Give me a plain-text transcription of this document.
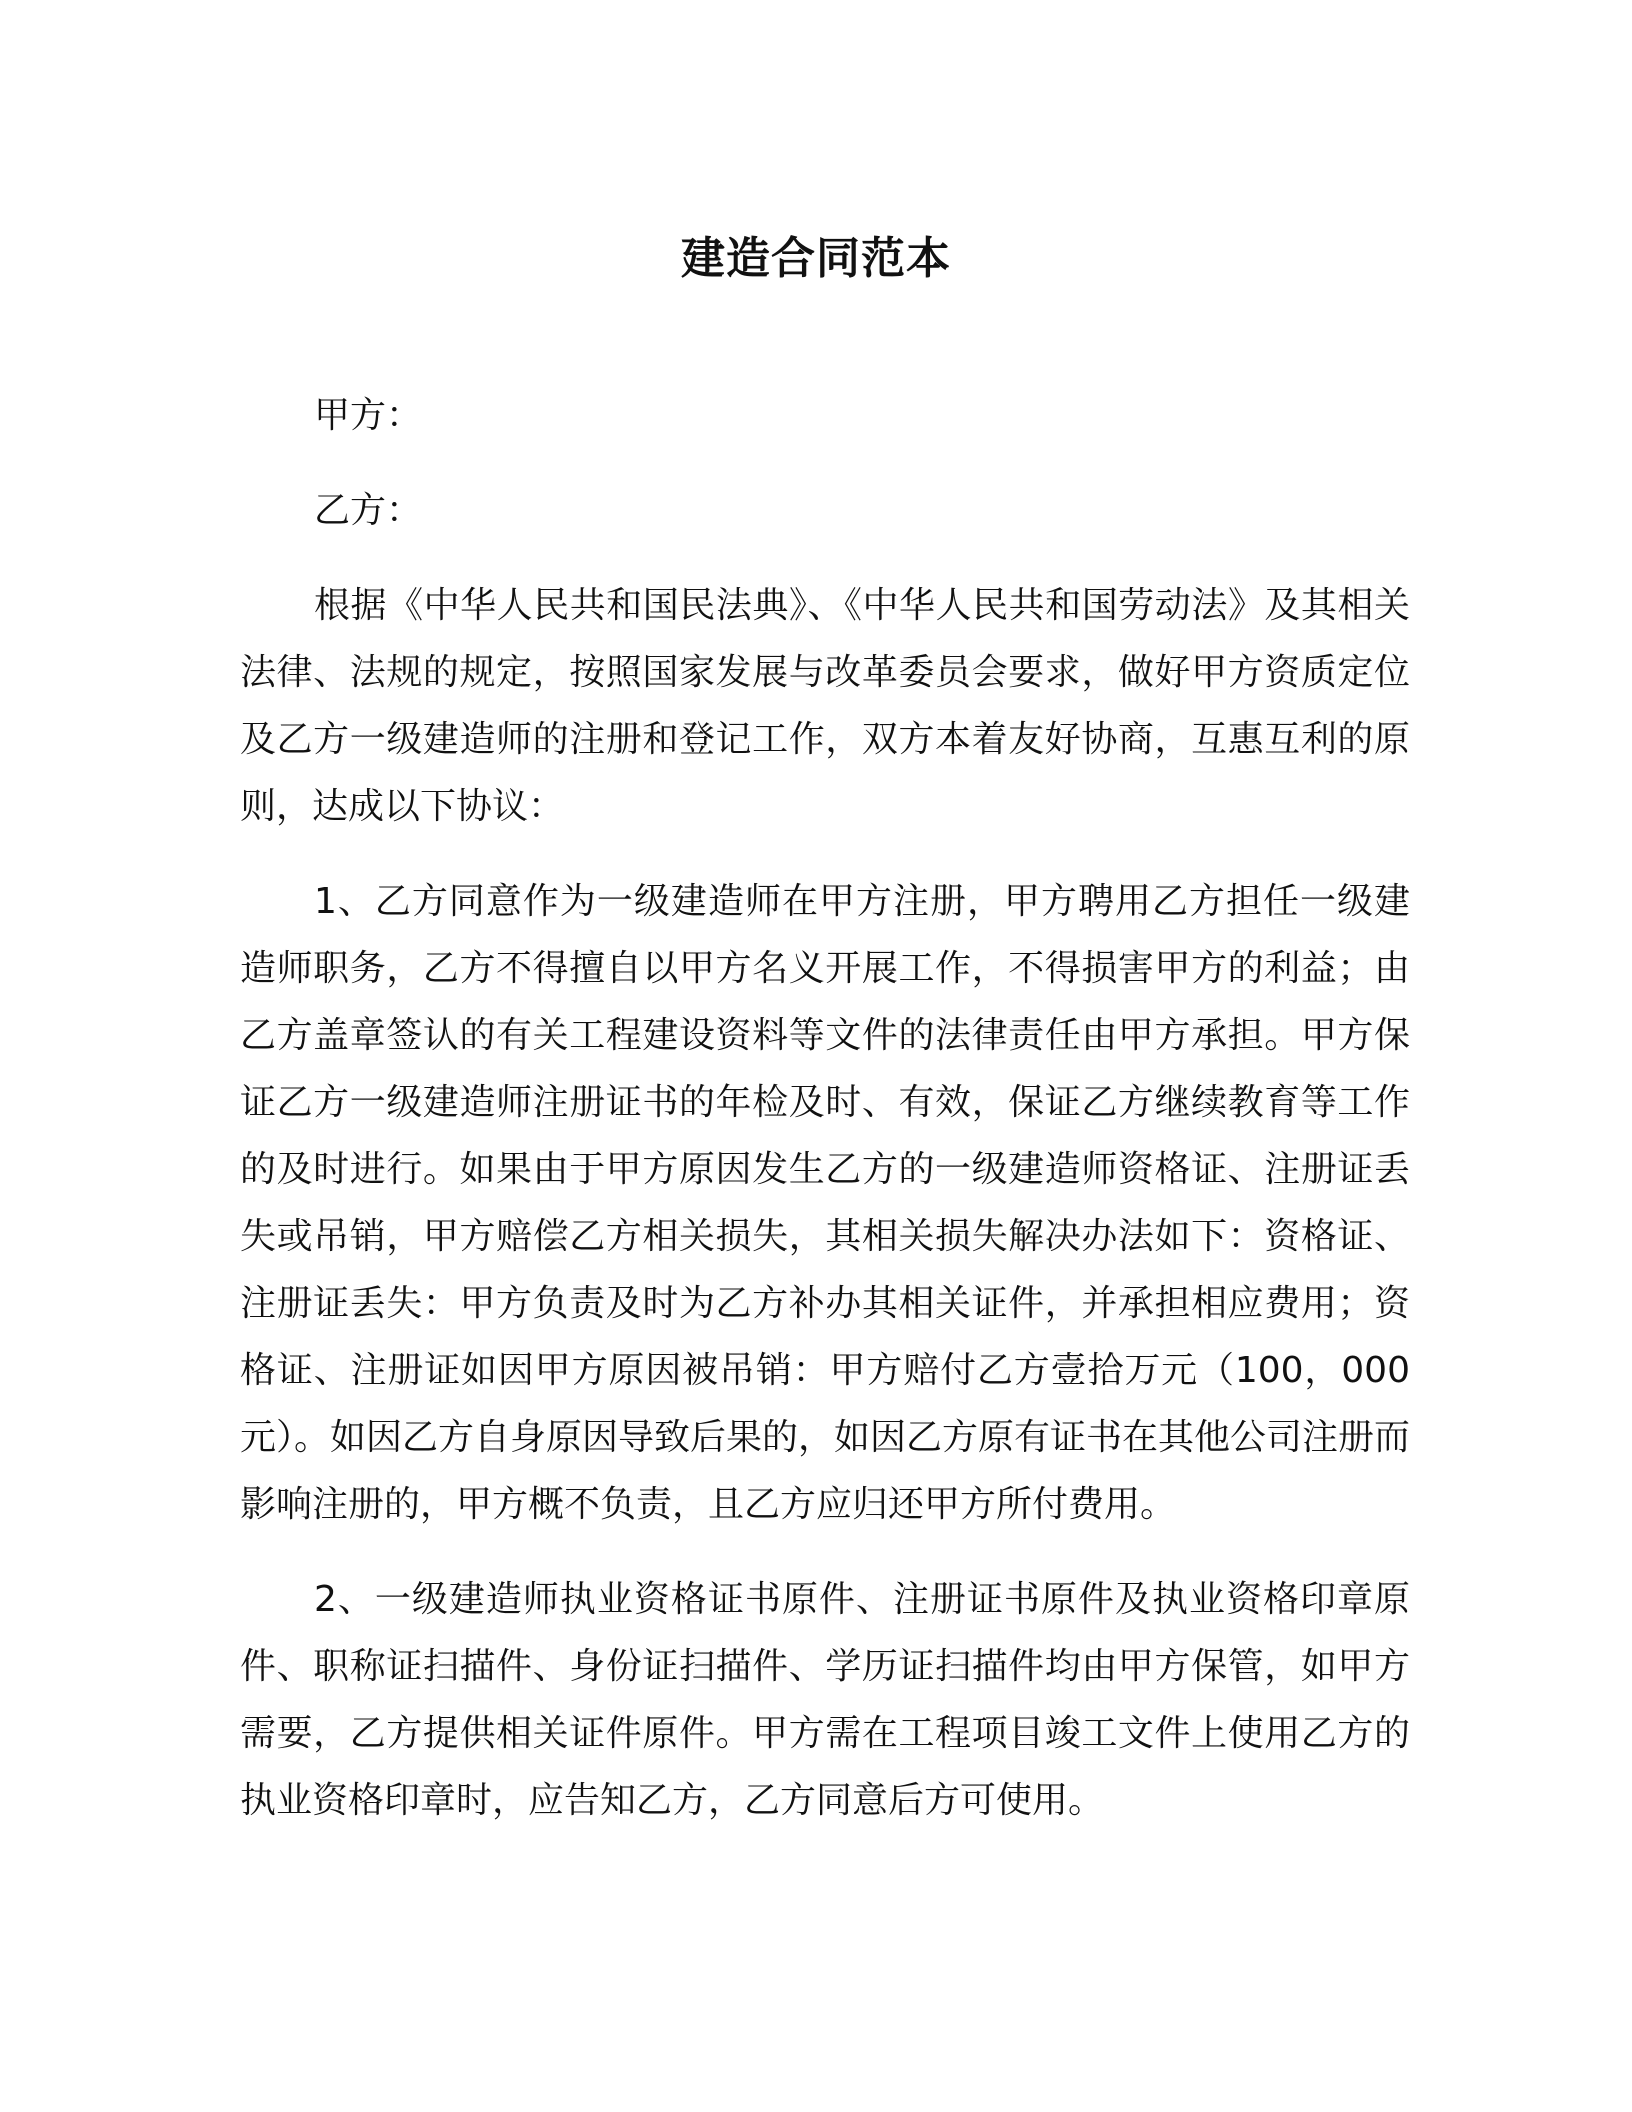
建造合同范本

甲方：

乙方：

根据《中华人民共和国民法典》、《中华人民共和国劳动法》及其相关法律、法规的规定，按照国家发展与改革委员会要求，做好甲方资质定位及乙方一级建造师的注册和登记工作，双方本着友好协商，互惠互利的原则，达成以下协议：

1、乙方同意作为一级建造师在甲方注册，甲方聘用乙方担任一级建造师职务，乙方不得擅自以甲方名义开展工作，不得损害甲方的利益；由乙方盖章签认的有关工程建设资料等文件的法律责任由甲方承担。甲方保证乙方一级建造师注册证书的年检及时、有效，保证乙方继续教育等工作的及时进行。如果由于甲方原因发生乙方的一级建造师资格证、注册证丢失或吊销，甲方赔偿乙方相关损失，其相关损失解决办法如下：资格证、注册证丢失：甲方负责及时为乙方补办其相关证件，并承担相应费用；资格证、注册证如因甲方原因被吊销：甲方赔付乙方壹拾万元（100，000 元）。如因乙方自身原因导致后果的，如因乙方原有证书在其他公司注册而影响注册的，甲方概不负责，且乙方应归还甲方所付费用。

2、一级建造师执业资格证书原件、注册证书原件及执业资格印章原件、职称证扫描件、身份证扫描件、学历证扫描件均由甲方保管，如甲方需要，乙方提供相关证件原件。甲方需在工程项目竣工文件上使用乙方的执业资格印章时，应告知乙方，乙方同意后方可使用。
